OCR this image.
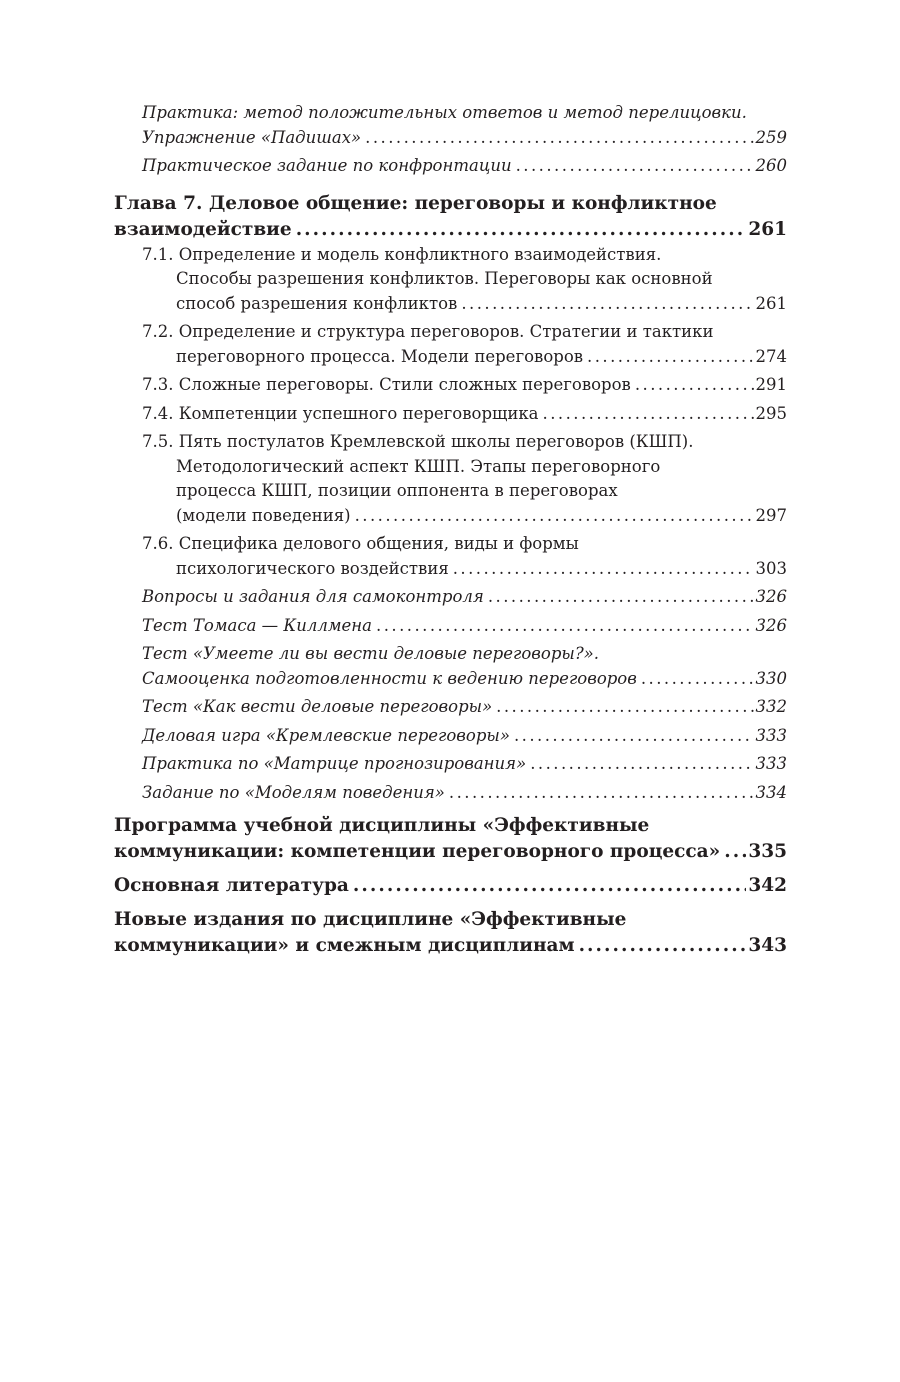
Практика: метод положительных ответов и метод перелицовки.
Упражнение «Падишах» . . .	259
Практическое задание по конфронтации . . .	260
Глава 7. Деловое общение: переговоры и конфликтное
взаимодействие . . .	261
7.1. Определение и модель конфликтного взаимодействия.
Способы разрешения конфликтов. Переговоры как основной
способ разрешения конфликтов . . .	261
7.2. Определение и структура переговоров. Стратегии и тактики
переговорного процесса. Модели переговоров . . .	274
7.3. Сложные переговоры. Стили сложных переговоров . . .	291
7.4. Компетенции успешного переговорщика . . .	295
7.5. Пять постулатов Кремлевской школы переговоров (КШП).
Методологический аспект КШП. Этапы переговорного
процесса КШП, позиции оппонента в переговорах
(модели поведения) . . .	297
7.6. Специфика делового общения, виды и формы
психологического воздействия . . .	303
Вопросы и задания для самоконтроля . . .	326
Тест Томаса — Киллмена . . .	326
Тест «Умеете ли вы вести деловые переговоры?».
Самооценка подготовленности к ведению переговоров . . .	330
Тест «Как вести деловые переговоры» . . .	332
Деловая игра «Кремлевские переговоры» . . .	333
Практика по «Матрице прогнозирования» . . .	333
Задание по «Моделям поведения» . . .	334
Программа учебной дисциплины «Эффективные
коммуникации: компетенции переговорного процесса» . . . 335
Основная литература . . .	342
Новые издания по дисциплине «Эффективные
коммуникации» и смежным дисциплинам . . .	343
